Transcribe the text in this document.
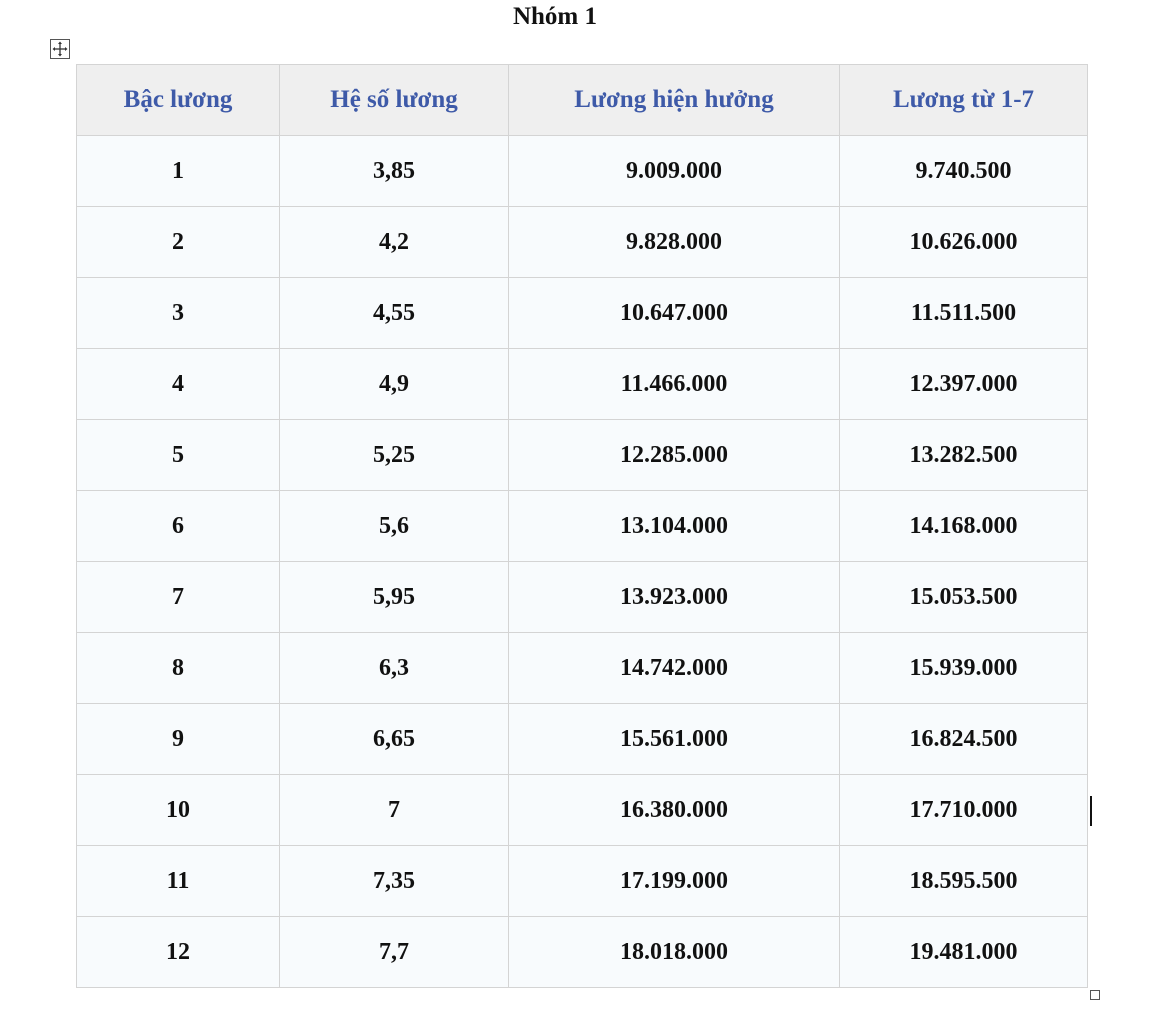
Nhóm 1
Bậc lương	Hệ số lương	Lương hiện hưởng	Lương từ 1-7
1	3,85	9.009.000	9.740.500
2	4,2	9.828.000	10.626.000
3	4,55	10.647.000	11.511.500
4	4,9	11.466.000	12.397.000
5	5,25	12.285.000	13.282.500
6	5,6	13.104.000	14.168.000
7	5,95	13.923.000	15.053.500
8	6,3	14.742.000	15.939.000
9	6,65	15.561.000	16.824.500
10	7	16.380.000	17.710.000
11	7,35	17.199.000	18.595.500
12	7,7	18.018.000	19.481.000
